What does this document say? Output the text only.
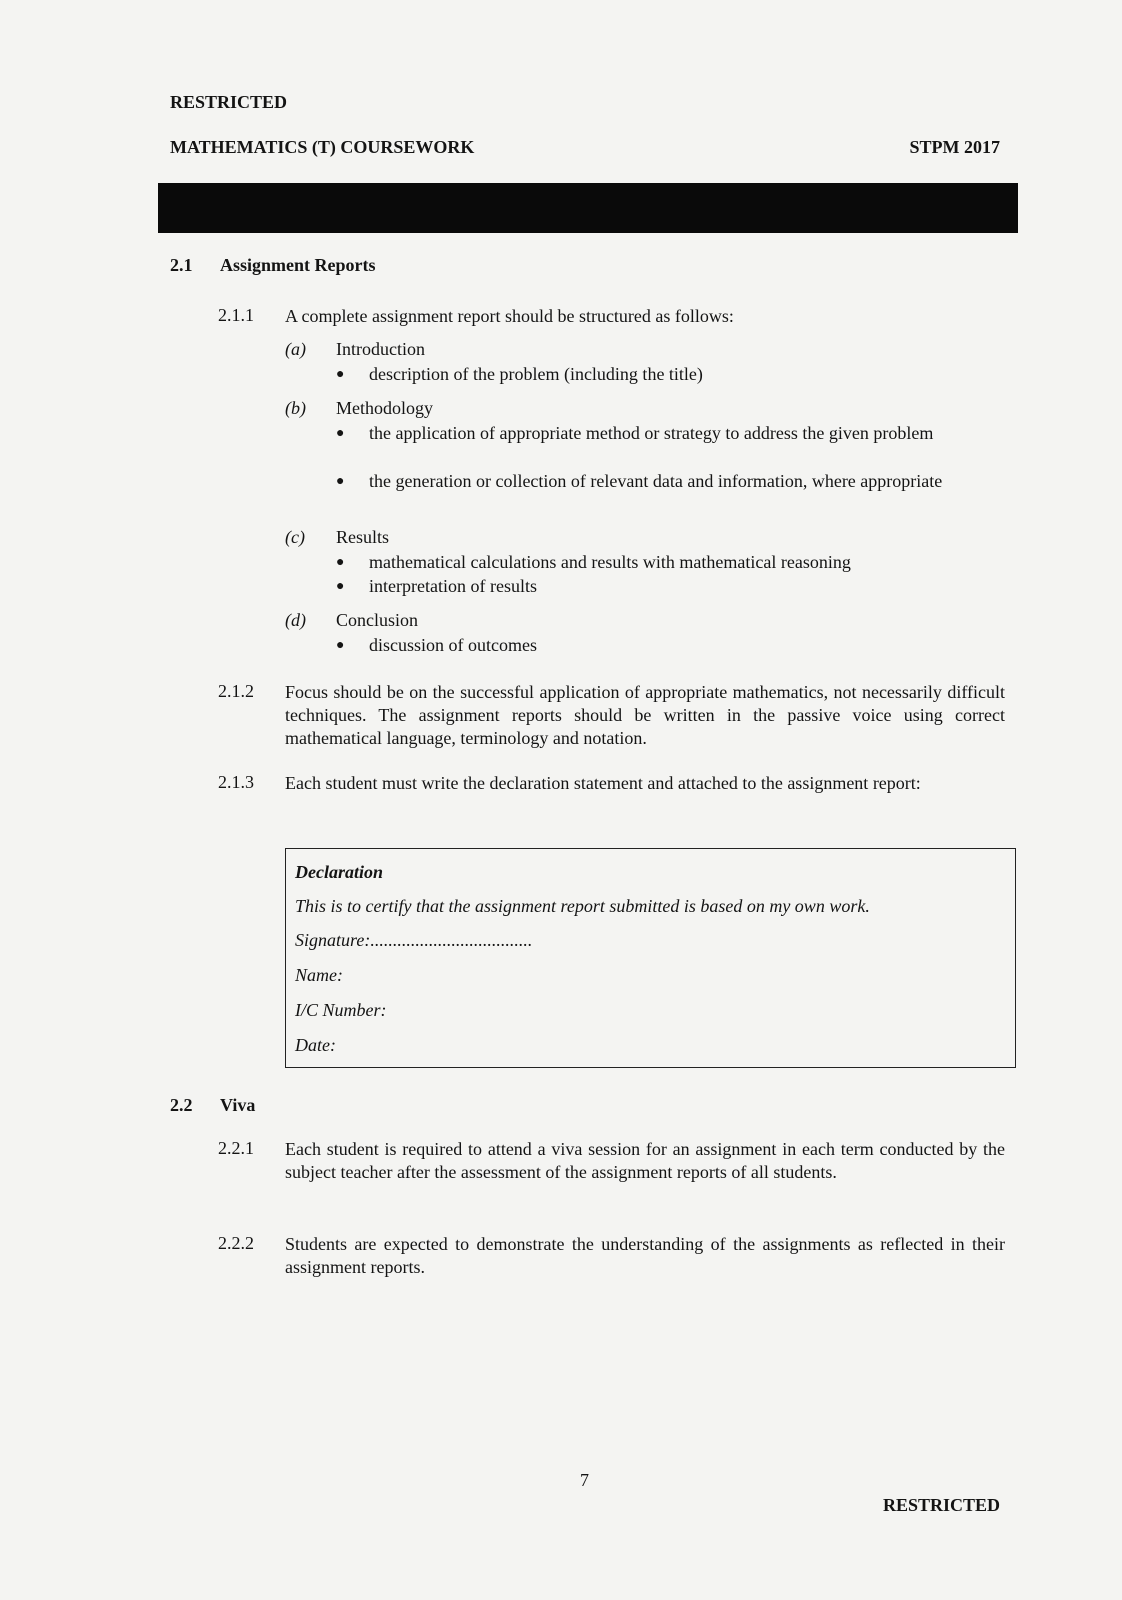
RESTRICTED
MATHEMATICS (T) COURSEWORK	STPM 2017
2.1 Assignment Reports
2.1.1 A complete assignment report should be structured as follows:
(a) Introduction
● description of the problem (including the title)
(b) Methodology
● the application of appropriate method or strategy to address the given problem
● the generation or collection of relevant data and information, where appropriate
(c) Results
● mathematical calculations and results with mathematical reasoning
● interpretation of results
(d) Conclusion
● discussion of outcomes
2.1.2 Focus should be on the successful application of appropriate mathematics, not necessarily difficult techniques. The assignment reports should be written in the passive voice using correct mathematical language, terminology and notation.
2.1.3 Each student must write the declaration statement and attached to the assignment report:
Declaration
This is to certify that the assignment report submitted is based on my own work.
Signature:....................................
Name:
I/C Number:
Date:
2.2 Viva
2.2.1 Each student is required to attend a viva session for an assignment in each term conducted by the subject teacher after the assessment of the assignment reports of all students.
2.2.2 Students are expected to demonstrate the understanding of the assignments as reflected in their assignment reports.
7
RESTRICTED
